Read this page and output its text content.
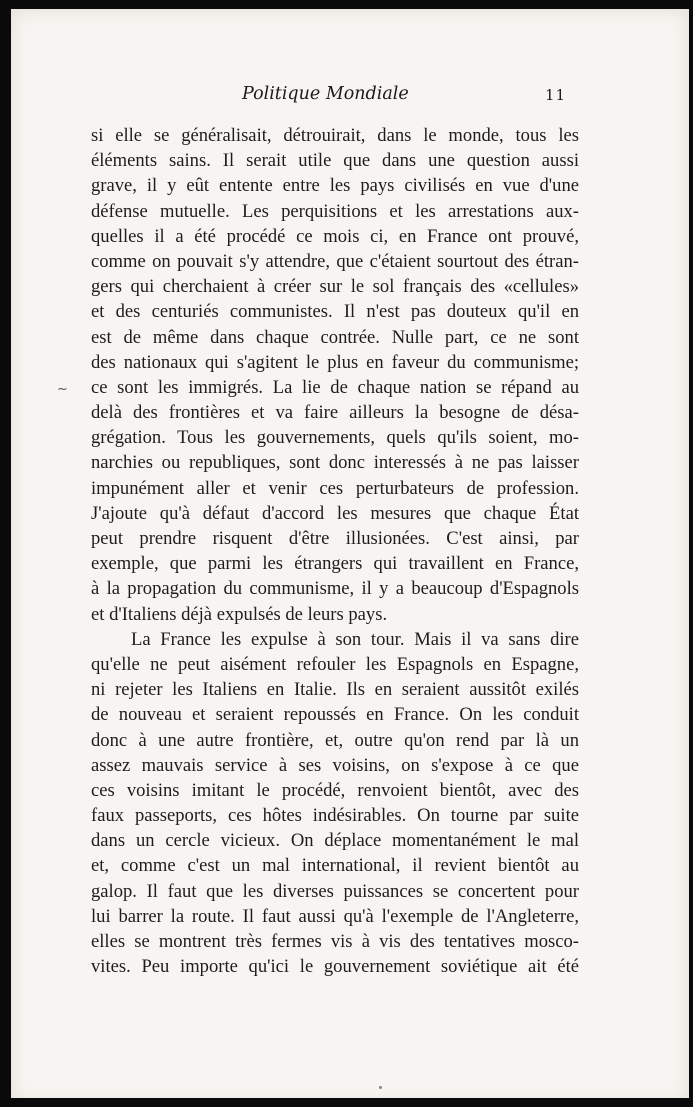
Politique Mondiale	11
~
si elle se généralisait, détrouirait, dans le monde, tous les
éléments sains. Il serait utile que dans une question aussi
grave, il y eût entente entre les pays civilisés en vue d'une
défense mutuelle. Les perquisitions et les arrestations aux-
quelles il a été procédé ce mois ci, en France ont prouvé,
comme on pouvait s'y attendre, que c'étaient sourtout des étran-
gers qui cherchaient à créer sur le sol français des «cellules»
et des centuriés communistes. Il n'est pas douteux qu'il en
est de même dans chaque contrée. Nulle part, ce ne sont
des nationaux qui s'agitent le plus en faveur du communisme;
ce sont les immigrés. La lie de chaque nation se répand au
delà des frontières et va faire ailleurs la besogne de désa-
grégation. Tous les gouvernements, quels qu'ils soient, mo-
narchies ou republiques, sont donc interessés à ne pas laisser
impunément aller et venir ces perturbateurs de profession.
J'ajoute qu'à défaut d'accord les mesures que chaque État
peut prendre risquent d'être illusionées. C'est ainsi, par
exemple, que parmi les étrangers qui travaillent en France,
à la propagation du communisme, il y a beaucoup d'Espagnols
et d'Italiens déjà expulsés de leurs pays.
La France les expulse à son tour. Mais il va sans dire
qu'elle ne peut aisément refouler les Espagnols en Espagne,
ni rejeter les Italiens en Italie. Ils en seraient aussitôt exilés
de nouveau et seraient repoussés en France. On les conduit
donc à une autre frontière, et, outre qu'on rend par là un
assez mauvais service à ses voisins, on s'expose à ce que
ces voisins imitant le procédé, renvoient bientôt, avec des
faux passeports, ces hôtes indésirables. On tourne par suite
dans un cercle vicieux. On déplace momentanément le mal
et, comme c'est un mal international, il revient bientôt au
galop. Il faut que les diverses puissances se concertent pour
lui barrer la route. Il faut aussi qu'à l'exemple de l'Angleterre,
elles se montrent très fermes vis à vis des tentatives mosco-
vites. Peu importe qu'ici le gouvernement soviétique ait été
